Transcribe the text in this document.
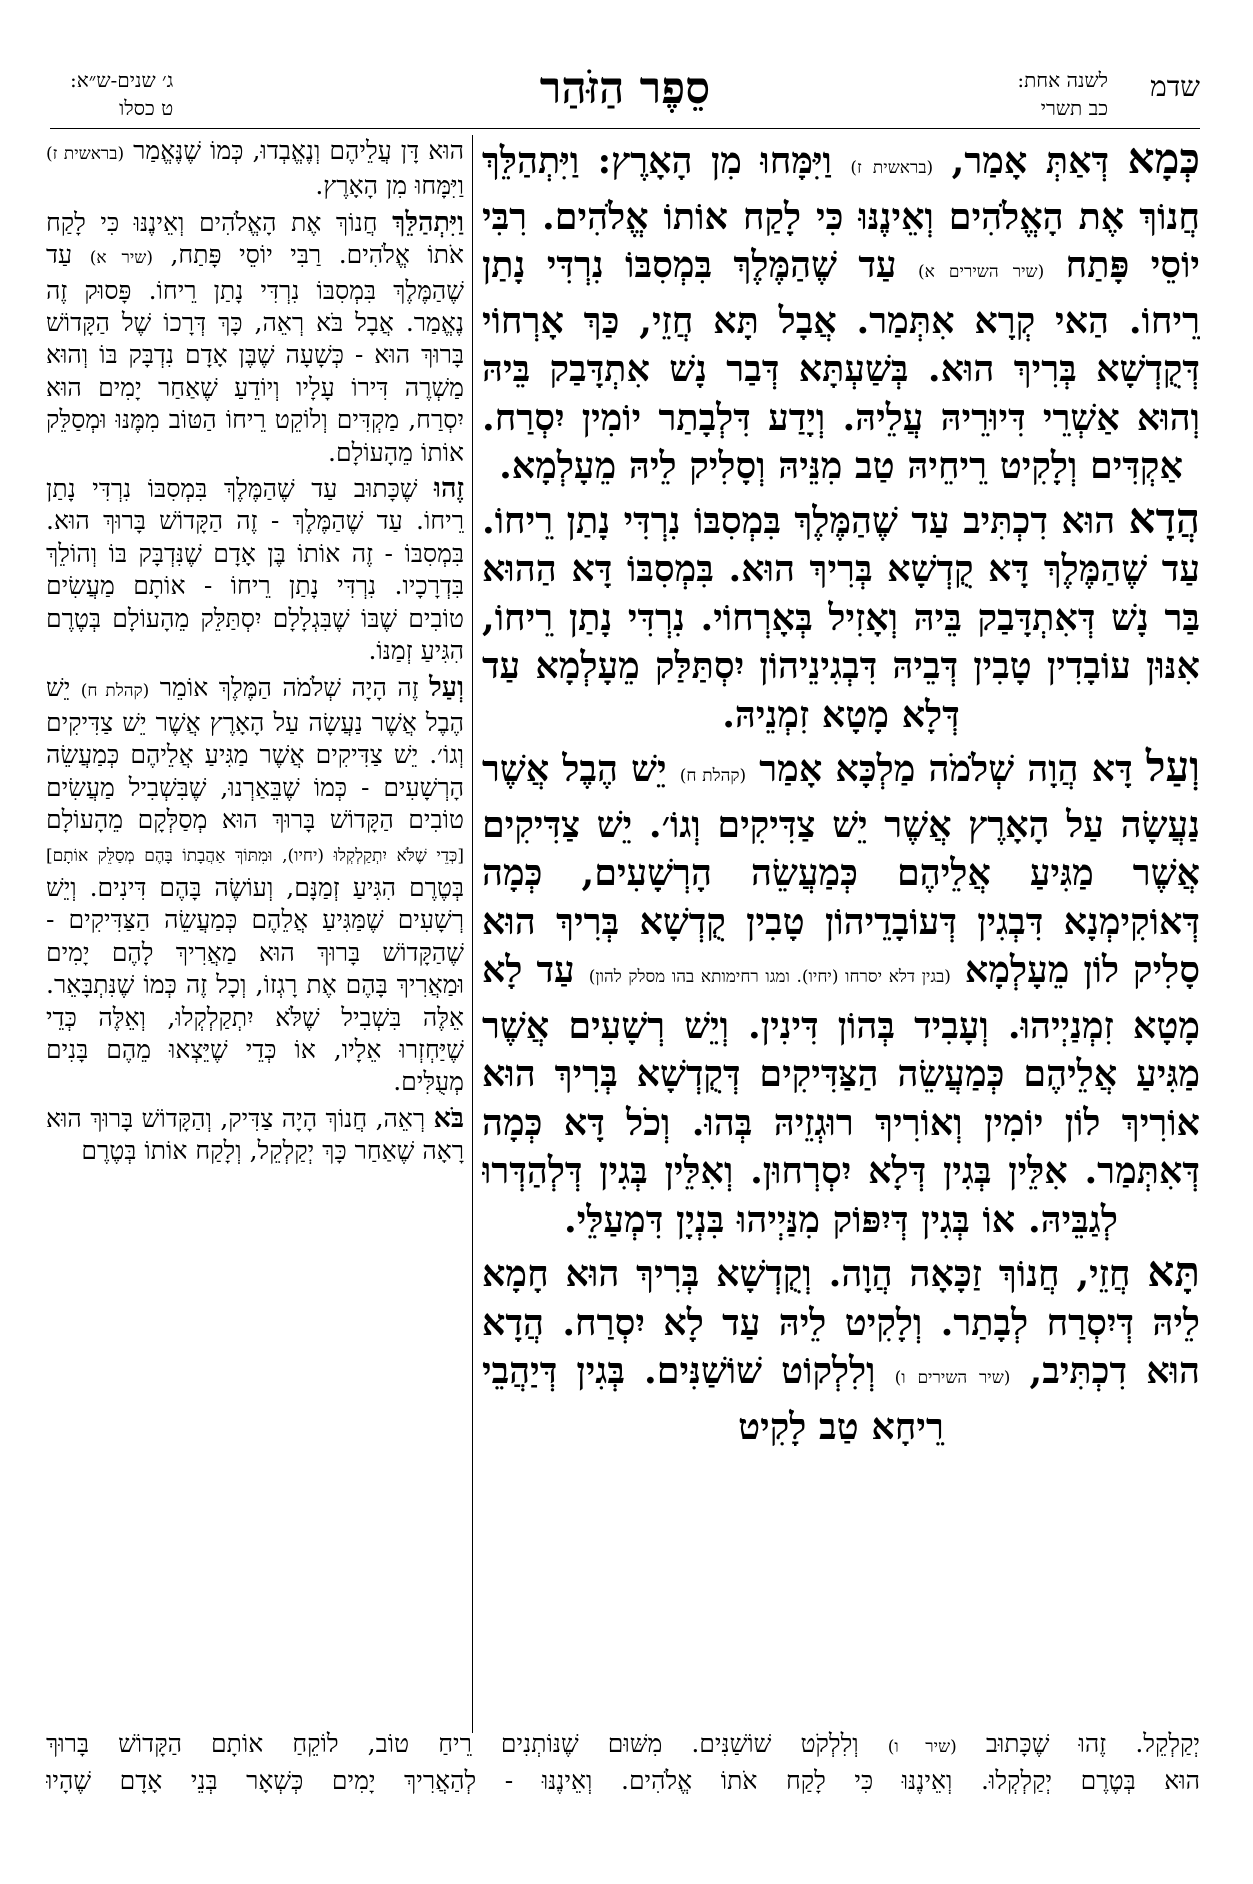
שדמ
לשנה אחת:
כב תשרי
סֵפֶר הַזֹּהַר
ג׳ שנים-ש״א:
ט כסלו

כְּמָא דְּאַתְּ אָמַר, (בראשית ז) וַיִּמָּחוּ מִן הָאָרֶץ: וַיִּתְהַלֵּךְ חֲנוֹךְ אֶת הָאֱלֹהִים וְאֵינֶנּוּ כִּי לָקַח אוֹתוֹ אֱלֹהִים. רִבִּי יוֹסֵי פָּתַח (שיר השירים א) עַד שֶׁהַמֶּלֶךְ בִּמְסִבּוֹ נִרְדִּי נָתַן רֵיחוֹ. הַאי קְרָא אִתְּמַר. אֲבָל תָּא חֲזֵי, כַּךְ אָרְחוֹי דְּקֻדְשָׁא בְּרִיךְ הוּא. בְּשַׁעְתָּא דְּבַר נָשׁ אִתְדָּבַק בֵּיהּ וְהוּא אַשְׁרֵי דִּיוּרֵיהּ עֲלֵיהּ. וְיָדַע דִּלְבָתַר יוֹמִין יִסְרַח. אַקְדִּים וְלָקִיט רֵיחֵיהּ טַב מִנֵּיהּ וְסָלִיק לֵיהּ מֵעָלְמָא.

הֲדָא הוּא דִכְתִּיב עַד שֶׁהַמֶּלֶךְ בִּמְסִבּוֹ נִרְדִּי נָתַן רֵיחוֹ. עַד שֶׁהַמֶּלֶךְ דָּא קֻדְשָׁא בְּרִיךְ הוּא. בִּמְסִבּוֹ דָּא הַהוּא בַּר נָשׁ דְּאִתְדָּבַק בֵּיהּ וְאָזִיל בְּאָרְחוֹי. נִרְדִּי נָתַן רֵיחוֹ, אִנּוּן עוֹבָדִין טָבִין דְּבֵיהּ דִּבְגִינֵיהוֹן יִסְתַּלַּק מֵעָלְמָא עַד דְּלָא מָטָא זִמְנֵיהּ.

וְעַל דָּא הֲוָה שְׁלֹמֹה מַלְכָּא אָמַר (קהלת ח) יֵשׁ הֶבֶל אֲשֶׁר נַעֲשָׂה עַל הָאָרֶץ אֲשֶׁר יֵשׁ צַדִּיקִים וְגוֹ׳. יֵשׁ צַדִּיקִים אֲשֶׁר מַגִּיעַ אֲלֵיהֶם כְּמַעֲשֵׂה הָרְשָׁעִים, כְּמָה דְּאוֹקִימְנָא דִּבְגִין דְּעוֹבָדֵיהוֹן טָבִין קֻדְשָׁא בְּרִיךְ הוּא סָלִיק לוֹן מֵעָלְמָא (בגין דלא יסרחו (יחיו). ומגו רחימותא בהו מסלק להון) עַד לָא מָטָא זִמְנַיְיהוּ. וְעָבִיד בְּהוֹן דִּינִין. וְיֵשׁ רְשָׁעִים אֲשֶׁר מַגִּיעַ אֲלֵיהֶם כְּמַעֲשֵׂה הַצַּדִּיקִים דְּקֻדְשָׁא בְּרִיךְ הוּא אוֹרִיךְ לוֹן יוֹמִין וְאוֹרִיךְ רוּגְזֵיהּ בְּהוּ. וְכֹל דָּא כְּמָה דְּאִתְּמַר. אִלֵּין בְּגִין דְּלָא יִסְרְחוּן. וְאִלֵּין בְּגִין דְּלְהַדְּרוּ לְגַבֵּיהּ. אוֹ בְּגִין דְּיִפּוֹק מִנַּיְיהוּ בִּנְיָן דִּמְעַלֵּי.

תָּא חֲזֵי, חֲנוֹךְ זַכָּאָה הֲוָה. וְקֻדְשָׁא בְּרִיךְ הוּא חָמָא לֵיהּ דְּיִסְרַח לְבָתַר. וְלָקִיט לֵיהּ עַד לָא יִסְרַח. הֲדָא הוּא דִכְתִּיב, (שיר השירים ו) וְלִלְקוֹט שׁוֹשַׁנִּים. בְּגִין דְּיַהֲבֵי רֵיחָא טַב לָקִיט

הוּא דָּן עֲלֵיהֶם וְנֶאֱבְדוּ, כְּמוֹ שֶׁנֶּאֱמַר (בראשית ז) וַיִּמָּחוּ מִן הָאָרֶץ.

וַיִּתְהַלֵּךְ חֲנוֹךְ אֶת הָאֱלֹהִים וְאֵינֶנּוּ כִּי לָקַח אֹתוֹ אֱלֹהִים. רַבִּי יוֹסֵי פָּתַח, (שיר א) עַד שֶׁהַמֶּלֶךְ בִּמְסִבּוֹ נִרְדִּי נָתַן רֵיחוֹ. פָּסוּק זֶה נֶאֱמַר. אֲבָל בֹּא רְאֵה, כָּךְ דְּרָכוֹ שֶׁל הַקָּדוֹשׁ בָּרוּךְ הוּא - כְּשָׁעָה שֶׁבֶּן אָדָם נִדְבָּק בּוֹ וְהוּא מַשְׁרֶה דִּירוֹ עָלָיו וְיוֹדֵעַ שֶׁאַחַר יָמִים הוּא יִסְרַח, מַקְדִּים וְלוֹקֵט רֵיחוֹ הַטּוֹב מִמֶּנּוּ וּמְסַלֵּק אוֹתוֹ מֵהָעוֹלָם.

זֶהוּ שֶׁכָּתוּב עַד שֶׁהַמֶּלֶךְ בִּמְסִבּוֹ נִרְדִּי נָתַן רֵיחוֹ. עַד שֶׁהַמֶּלֶךְ - זֶה הַקָּדוֹשׁ בָּרוּךְ הוּא. בִּמְסִבּוֹ - זֶה אוֹתוֹ בֶּן אָדָם שֶׁנִּדְבָּק בּוֹ וְהוֹלֵךְ בִּדְרָכָיו. נִרְדִּי נָתַן רֵיחוֹ - אוֹתָם מַעֲשִׂים טוֹבִים שֶׁבּוֹ שֶׁבִּגְלָלָם יִסְתַּלֵּק מֵהָעוֹלָם בְּטֶרֶם הִגִּיעַ זְמַנּוֹ.

וְעַל זֶה הָיָה שְׁלֹמֹה הַמֶּלֶךְ אוֹמֵר (קהלת ח) יֵשׁ הֶבֶל אֲשֶׁר נַעֲשָׂה עַל הָאָרֶץ אֲשֶׁר יֵשׁ צַדִּיקִים וְגוֹ׳. יֵשׁ צַדִּיקִים אֲשֶׁר מַגִּיעַ אֲלֵיהֶם כְּמַעֲשֵׂה הָרְשָׁעִים - כְּמוֹ שֶׁבֵּאַרְנוּ, שֶׁבִּשְׁבִיל מַעֲשִׂים טוֹבִים הַקָּדוֹשׁ בָּרוּךְ הוּא מְסַלְּקָם מֵהָעוֹלָם [כְּדֵי שֶׁלֹּא יִתְקַלְקְלוּ (יחיו), וּמִתּוֹךְ אַהֲבָתוֹ בָּהֶם מְסַלֵּק אוֹתָם] בְּטֶרֶם הִגִּיעַ זְמַנָּם, וְעוֹשֶׂה בָּהֶם דִּינִים. וְיֵשׁ רְשָׁעִים שֶׁמַּגִּיעַ אֲלֵהֶם כְּמַעֲשֵׂה הַצַּדִּיקִים - שֶׁהַקָּדוֹשׁ בָּרוּךְ הוּא מַאֲרִיךְ לָהֶם יָמִים וּמַאֲרִיךְ בָּהֶם אֶת רָגְזוֹ, וְכָל זֶה כְּמוֹ שֶׁנִּתְבָּאֵר. אֵלֶּה בִּשְׁבִיל שֶׁלֹּא יִתְקַלְקְלוּ, וְאֵלֶּה כְּדֵי שֶׁיַּחְזְרוּ אֵלָיו, אוֹ כְּדֵי שֶׁיֵּצְאוּ מֵהֶם בָּנִים מְעֻלִּים.

בֹּא רְאֵה, חֲנוֹךְ הָיָה צַדִּיק, וְהַקָּדוֹשׁ בָּרוּךְ הוּא רָאָה שֶׁאַחַר כָּךְ יְקַלְקֵל, וְלָקַח אוֹתוֹ בְּטֶרֶם

יְקַלְקֵל. זֶהוּ שֶׁכָּתוּב (שיר ו) וְלִלְקֹט שׁוֹשַׁנִּים. מִשּׁוּם שֶׁנּוֹתְנִים רֵיחַ טוֹב, לוֹקֵחַ אוֹתָם הַקָּדוֹשׁ בָּרוּךְ

הוּא בְּטֶרֶם יְקַלְקְלוּ. וְאֵינֶנּוּ כִּי לָקַח אֹתוֹ אֱלֹהִים. וְאֵינֶנּוּ - לְהַאֲרִיךְ יָמִים כְּשְׁאָר בְּנֵי אָדָם שֶׁהָיוּ
